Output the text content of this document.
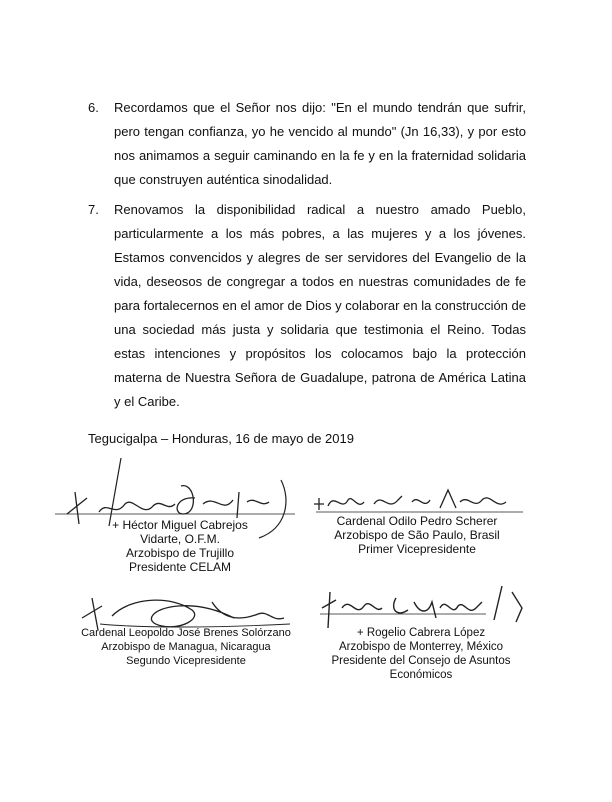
6. Recordamos que el Señor nos dijo: "En el mundo tendrán que sufrir, pero tengan confianza, yo he vencido al mundo" (Jn 16,33), y por esto nos animamos a seguir caminando en la fe y en la fraternidad solidaria que construyen auténtica sinodalidad.
7. Renovamos la disponibilidad radical a nuestro amado Pueblo, particularmente a los más pobres, a las mujeres y a los jóvenes. Estamos convencidos y alegres de ser servidores del Evangelio de la vida, deseosos de congregar a todos en nuestras comunidades de fe para fortalecernos en el amor de Dios y colaborar en la construcción de una sociedad más justa y solidaria que testimonia el Reino. Todas estas intenciones y propósitos los colocamos bajo la protección materna de Nuestra Señora de Guadalupe, patrona de América Latina y el Caribe.
Tegucigalpa – Honduras, 16 de mayo de 2019
+ Héctor Miguel Cabrejos
Vidarte, O.F.M.
Arzobispo de Trujillo
Presidente CELAM
Cardenal Odilo Pedro Scherer
Arzobispo de São Paulo, Brasil
Primer Vicepresidente
Cardenal Leopoldo José Brenes Solórzano
Arzobispo de Managua, Nicaragua
Segundo Vicepresidente
+ Rogelio Cabrera López
Arzobispo de Monterrey, México
Presidente del Consejo de Asuntos
Económicos
